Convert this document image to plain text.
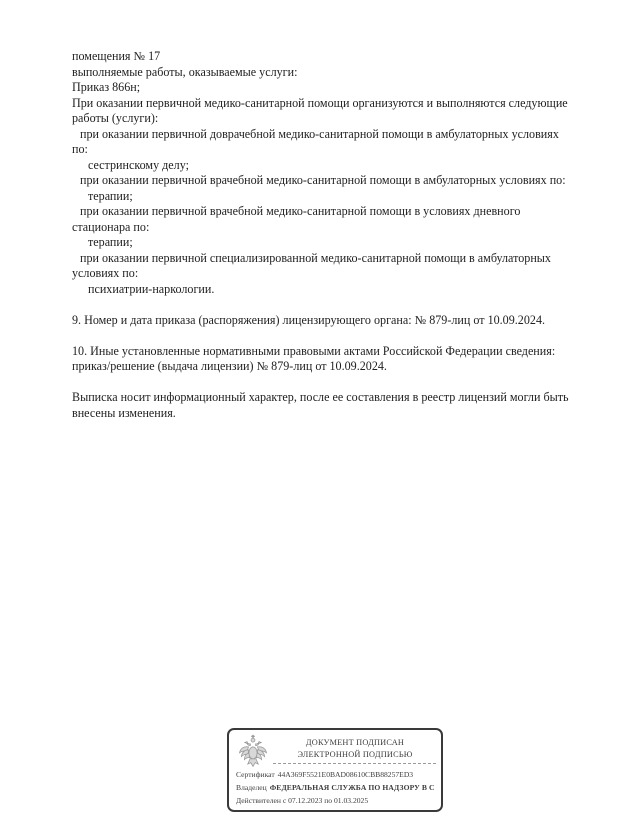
помещения № 17
выполняемые работы, оказываемые услуги:
Приказ 866н;
При оказании первичной медико-санитарной помощи организуются и выполняются следующие
работы (услуги):
при оказании первичной доврачебной медико-санитарной помощи в амбулаторных условиях
по:
сестринскому делу;
при оказании первичной врачебной медико-санитарной помощи в амбулаторных условиях по:
терапии;
при оказании первичной врачебной медико-санитарной помощи в условиях дневного
стационара по:
терапии;
при оказании первичной специализированной медико-санитарной помощи в амбулаторных
условиях по:
психиатрии-наркологии.

9. Номер и дата приказа (распоряжения) лицензирующего органа: № 879-лиц от 10.09.2024.

10. Иные установленные нормативными правовыми актами Российской Федерации сведения:
приказ/решение (выдача лицензии) № 879-лиц от 10.09.2024.

Выписка носит информационный характер, после ее составления в реестр лицензий могли быть
внесены изменения.
ДОКУМЕНТ ПОДПИСАН
ЭЛЕКТРОННОЙ ПОДПИСЬЮ
Сертификат 44A369F5521E0BAD08610CBB88257ED3
Владелец ФЕДЕРАЛЬНАЯ СЛУЖБА ПО НАДЗОРУ В С
Действителен с 07.12.2023 по 01.03.2025
